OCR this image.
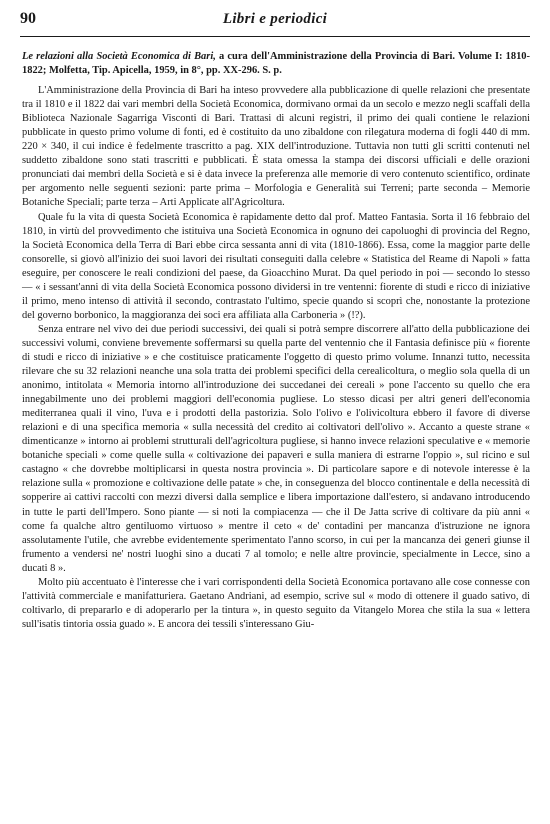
90	Libri e periodici

Le relazioni alla Società Economica di Bari, a cura dell'Amministrazione della Provincia di Bari. Volume I: 1810-1822; Molfetta, Tip. Apicella, 1959, in 8°, pp. XX-296. S. p.

L'Amministrazione della Provincia di Bari ha inteso provvedere alla pubblicazione di quelle relazioni che presentate tra il 1810 e il 1822 dai vari membri della Società Economica, dormivano ormai da un secolo e mezzo negli scaffali della Biblioteca Nazionale Sagarriga Visconti di Bari. Trattasi di alcuni registri, il primo dei quali contiene le relazioni pubblicate in questo primo volume di fonti, ed è costituito da uno zibaldone con rilegatura moderna di fogli 440 di mm. 220 × 340, il cui indice è fedelmente trascritto a pag. XIX dell'introduzione. Tuttavia non tutti gli scritti contenuti nel suddetto zibaldone sono stati trascritti e pubblicati. È stata omessa la stampa dei discorsi ufficiali e delle orazioni pronunciati dai membri della Società e si è data invece la preferenza alle memorie di vero contenuto scientifico, ordinate per argomento nelle seguenti sezioni: parte prima – Morfologia e Generalità sui Terreni; parte seconda – Memorie Botaniche Speciali; parte terza – Arti Applicate all'Agricoltura.

Quale fu la vita di questa Società Economica è rapidamente detto dal prof. Matteo Fantasia. Sorta il 16 febbraio del 1810, in virtù del provvedimento che istituiva una Società Economica in ognuno dei capoluoghi di provincia del Regno, la Società Economica della Terra di Bari ebbe circa sessanta anni di vita (1810-1866). Essa, come la maggior parte delle consorelle, si giovò all'inizio dei suoi lavori dei risultati conseguiti dalla celebre « Statistica del Reame di Napoli » fatta eseguire, per conoscere le reali condizioni del paese, da Gioacchino Murat. Da quel periodo in poi — secondo lo stesso — « i sessant'anni di vita della Società Economica possono dividersi in tre ventenni: fiorente di studi e ricco di iniziative il primo, meno intenso di attività il secondo, contrastato l'ultimo, specie quando si scoprì che, nonostante la protezione del governo borbonico, la maggioranza dei soci era affiliata alla Carboneria » (!?).

Senza entrare nel vivo dei due periodi successivi, dei quali si potrà sempre discorrere all'atto della pubblicazione dei successivi volumi, conviene brevemente soffermarsi su quella parte del ventennio che il Fantasia definisce più « fiorente di studi e ricco di iniziative » e che costituisce praticamente l'oggetto di questo primo volume. Innanzi tutto, necessita rilevare che su 32 relazioni neanche una sola tratta dei problemi specifici della cerealicoltura, o meglio sola quella di un anonimo, intitolata « Memoria intorno all'introduzione dei succedanei dei cereali » pone l'accento su quello che era innegabilmente uno dei problemi maggiori dell'economia pugliese. Lo stesso dicasi per altri generi dell'economia mediterranea quali il vino, l'uva e i prodotti della pastorizia. Solo l'olivo e l'olivicoltura ebbero il favore di diverse relazioni e di una specifica memoria « sulla necessità del credito ai coltivatori dell'olivo ». Accanto a queste strane « dimenticanze » intorno ai problemi strutturali dell'agricoltura pugliese, si hanno invece relazioni speculative e « memorie botaniche speciali » come quelle sulla « coltivazione dei papaveri e sulla maniera di estrarne l'oppio », sul ricino e sul castagno « che dovrebbe moltiplicarsi in questa nostra provincia ». Di particolare sapore e di notevole interesse è la relazione sulla « promozione e coltivazione delle patate » che, in conseguenza del blocco continentale e della necessità di sopperire ai cattivi raccolti con mezzi diversi dalla semplice e libera importazione dall'estero, si andavano introducendo in tutte le parti dell'Impero. Sono piante — si noti la compiacenza — che il De Jatta scrive di coltivare da più anni « come fa qualche altro gentiluomo virtuoso » mentre il ceto « de' contadini per mancanza d'istruzione ne ignora assolutamente l'utile, che avrebbe evidentemente sperimentato l'anno scorso, in cui per la mancanza dei generi giunse il frumento a vendersi ne' nostri luoghi sino a ducati 7 al tomolo; e nelle altre provincie, specialmente in Lecce, sino a ducati 8 ».

Molto più accentuato è l'interesse che i vari corrispondenti della Società Economica portavano alle cose connesse con l'attività commerciale e manifatturiera. Gaetano Andriani, ad esempio, scrive sul « modo di ottenere il guado sativo, di coltivarlo, di prepararlo e di adoperarlo per la tintura », in questo seguito da Vitangelo Morea che stila la sua « lettera sull'isatis tintoria ossia guado ». E ancora dei tessili s'interessano Giu-
